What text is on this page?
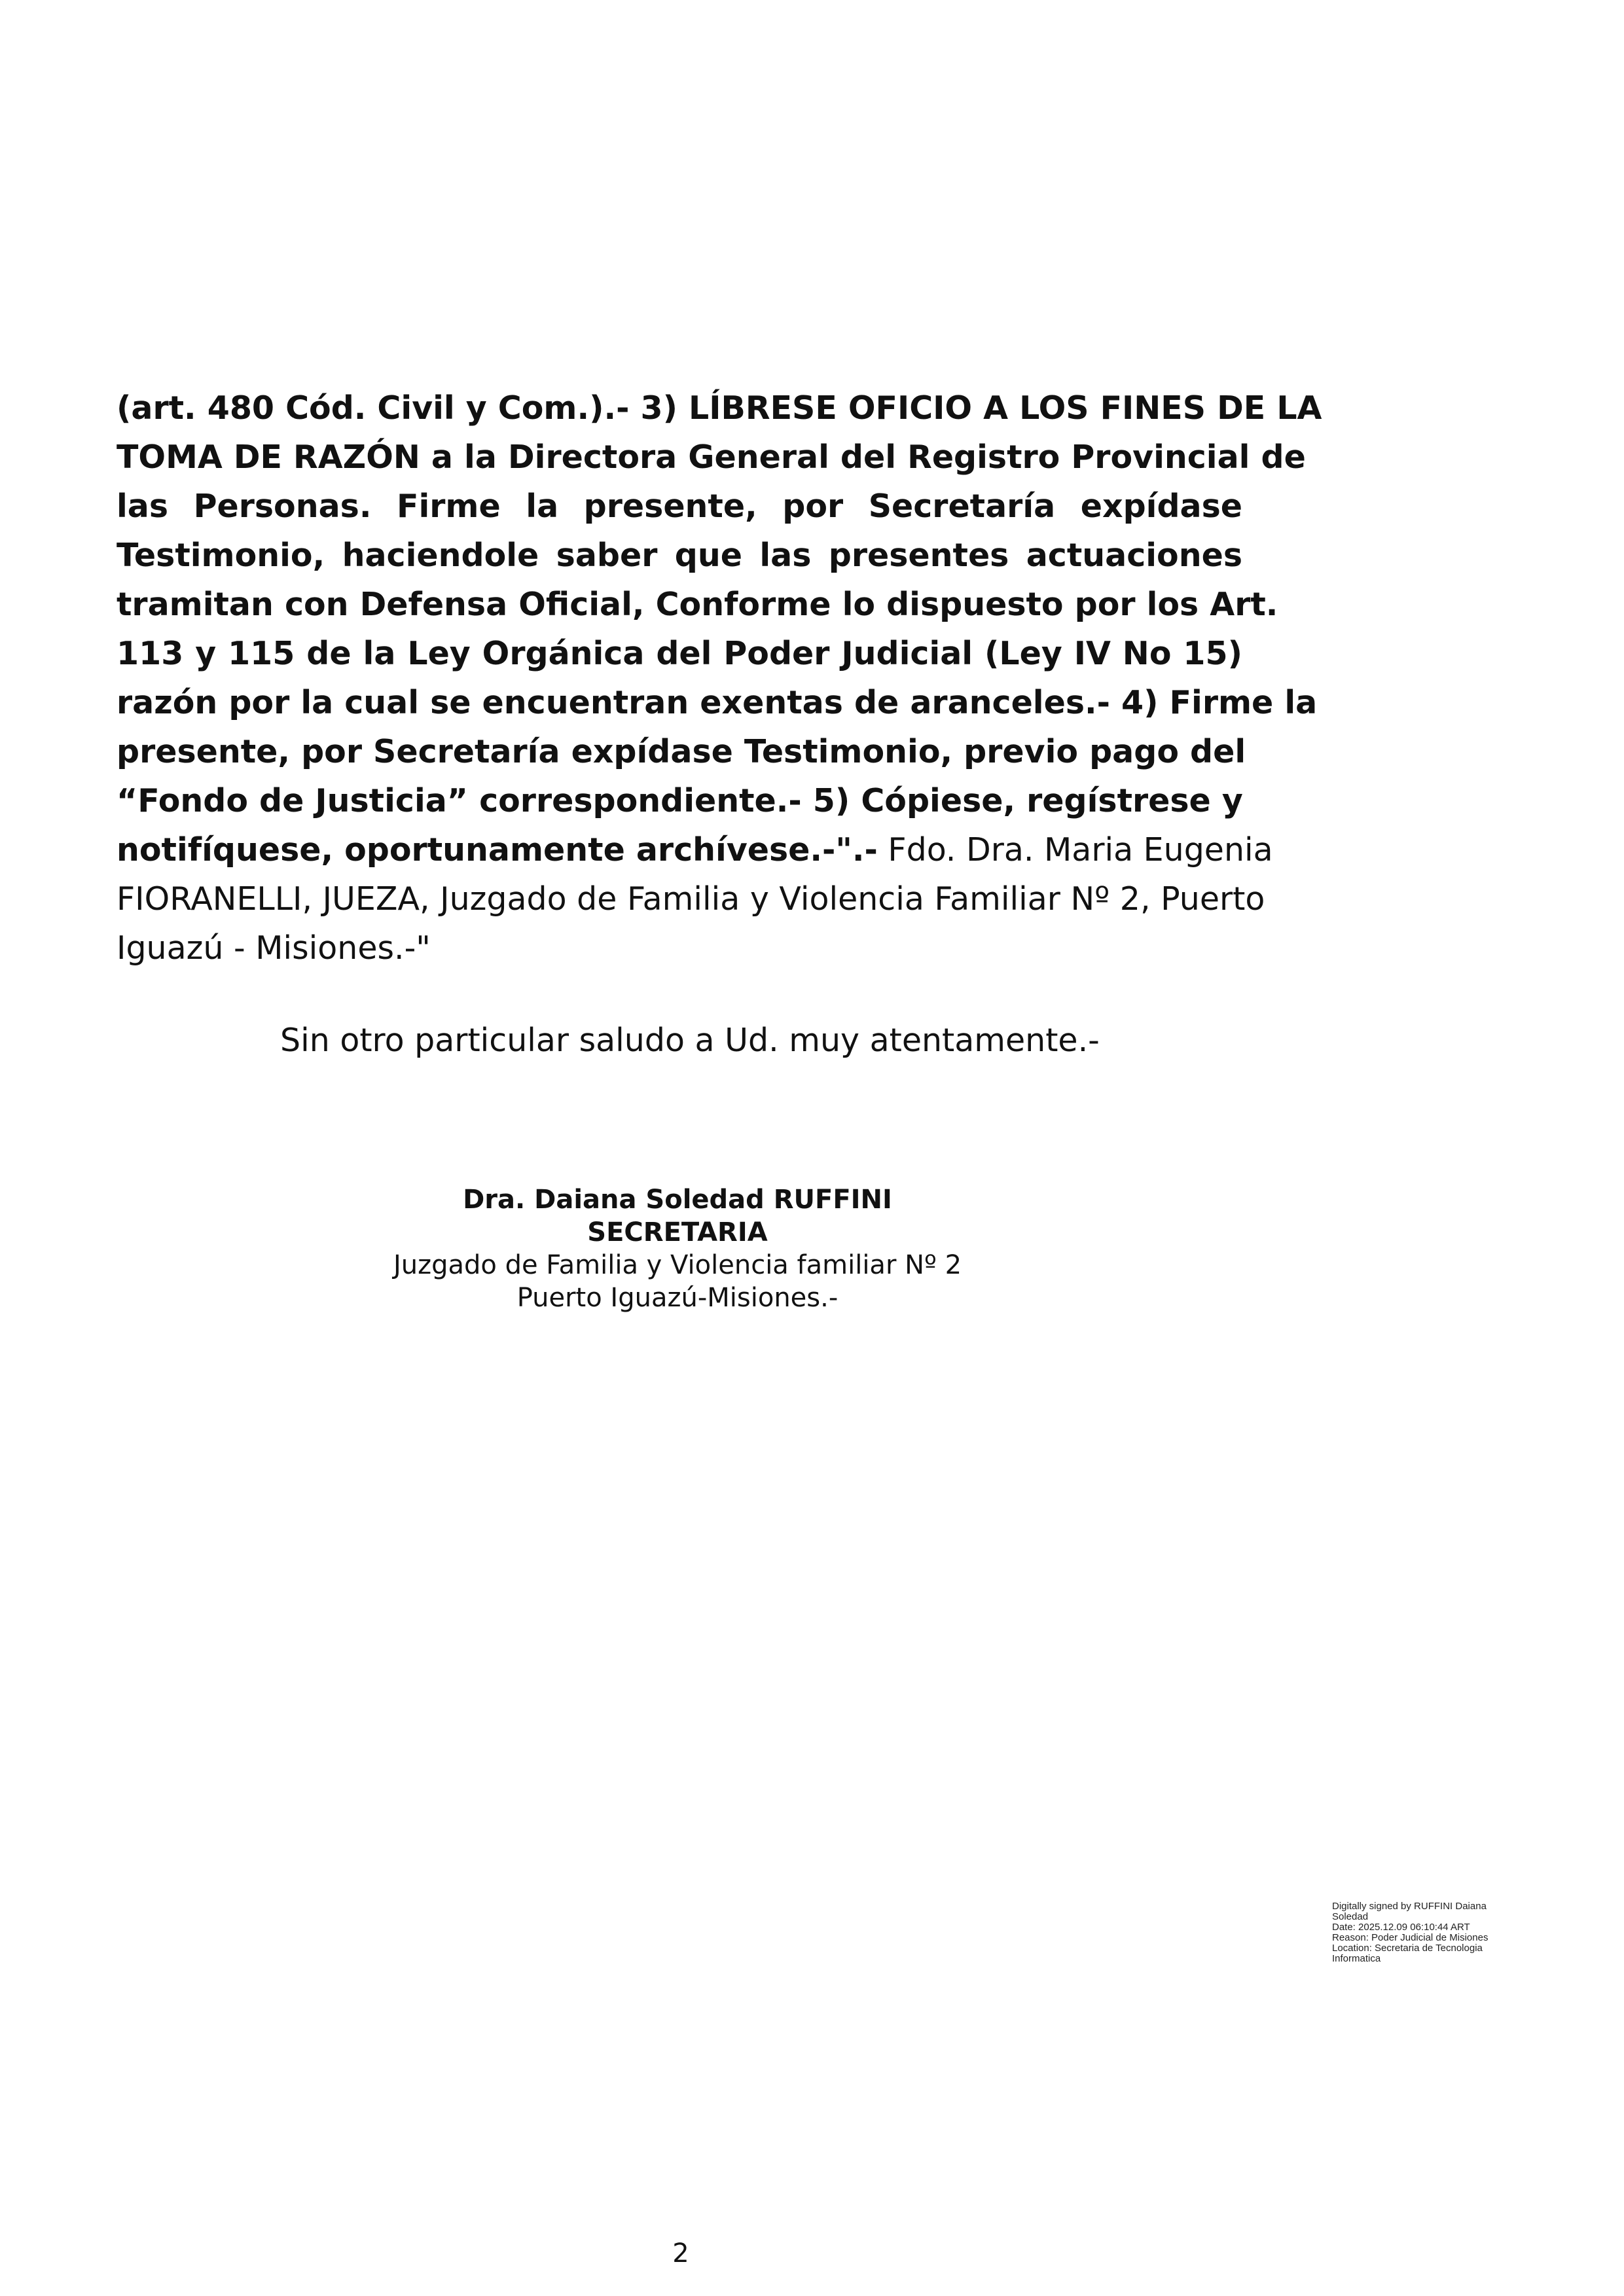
(art. 480 Cód. Civil y Com.).- 3) LÍBRESE OFICIO A LOS FINES DE LA
TOMA DE RAZÓN a la Directora General del Registro Provincial de
las Personas. Firme la presente, por Secretaría expídase
Testimonio, haciendole saber que las presentes actuaciones
tramitan con Defensa Oficial, Conforme lo dispuesto por los Art.
113 y 115 de la Ley Orgánica del Poder Judicial (Ley IV No 15)
razón por la cual se encuentran exentas de aranceles.- 4) Firme la
presente, por Secretaría expídase Testimonio, previo pago del
“Fondo de Justicia” correspondiente.- 5) Cópiese, regístrese y
notifíquese, oportunamente archívese.-".- Fdo. Dra. Maria Eugenia
FIORANELLI, JUEZA, Juzgado de Familia y Violencia Familiar Nº 2, Puerto
Iguazú - Misiones.-"
Sin otro particular saludo a Ud. muy atentamente.-
Dra. Daiana Soledad RUFFINI
SECRETARIA
Juzgado de Familia y Violencia familiar Nº 2
Puerto Iguazú-Misiones.-
Digitally signed by RUFFINI Daiana
Soledad
Date: 2025.12.09 06:10:44 ART
Reason: Poder Judicial de Misiones
Location: Secretaria de Tecnologia
Informatica
2
